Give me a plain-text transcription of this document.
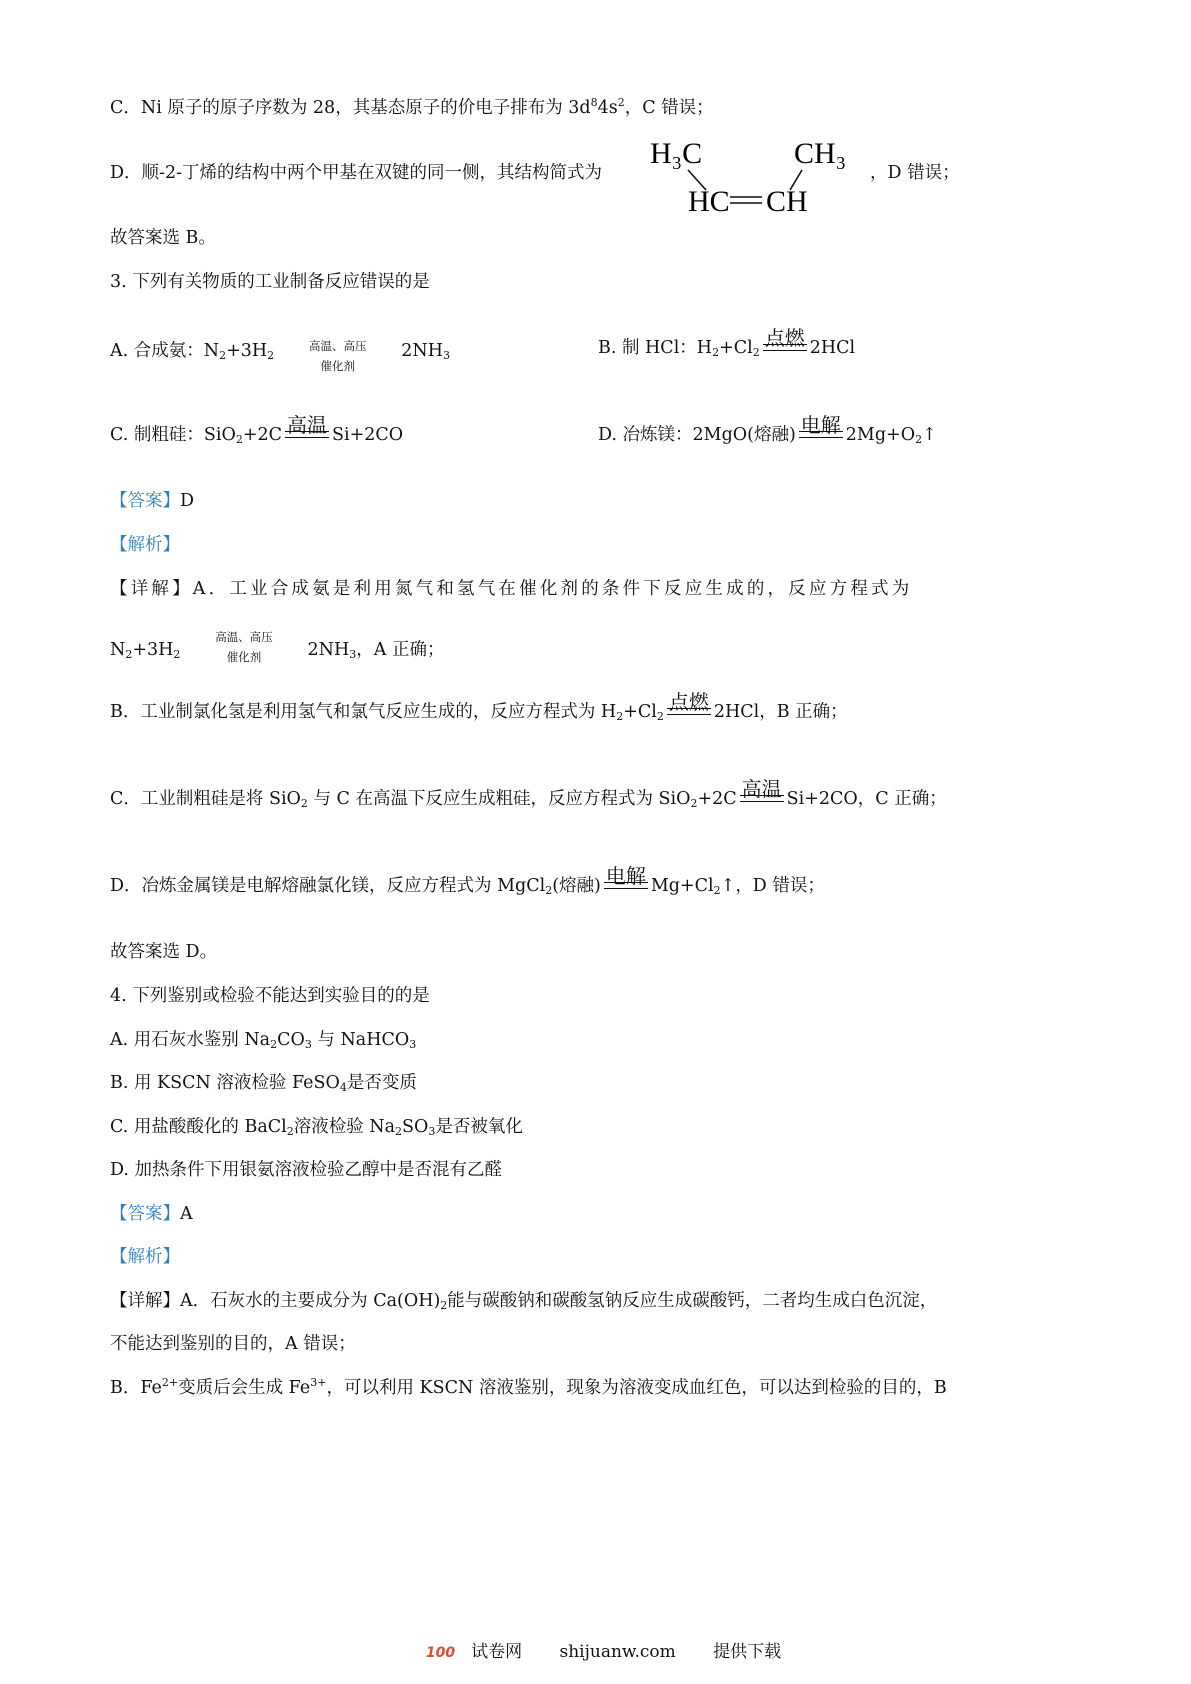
C．Ni 原子的原子序数为 28，其基态原子的价电子排布为 $3d^84s^2$，C 错误；
D．顺-2-丁烯的结构中两个甲基在双键的同一侧，其结构简式为
H₃C	CH₃
HC CH
，D 错误；
故答案选 B。
3. 下列有关物质的工业制备反应错误的是
A. 合成氨：$N_2+3H_2$
高温、高压
催化剂
$2NH_3$	B. 制 HCl：$H_2+Cl_2$
点燃 2HCl
C. 制粗硅：SiO$_2$+2C 高温 Si+2CO	D. 冶炼镁：2MgO(熔融) 电解 $2Mg+O_2↑$
【答案】D
【解析】
【详解】A．工业合成氨是利用氮气和氢气在催化剂的条件下反应生成的，反应方程式为
$N_2+3H_2$
高温、高压
催化剂	$2NH_3$，A 正确；
B．工业制氯化氢是利用氢气和氯气反应生成的，反应方程式为 $H_2+Cl_2$
点燃 2HCl，B 正确；
C．工业制粗硅是将 SiO$_2$ 与 C 在高温下反应生成粗硅，反应方程式为 SiO$_2$+2C 高温 Si+2CO，C 正确；
D．冶炼金属镁是电解熔融氯化镁，反应方程式为 MgCl$_2$(熔融) 电解 $Mg+Cl_2↑$，D 错误；
故答案选 D。
4. 下列鉴别或检验不能达到实验目的的是
A. 用石灰水鉴别 $Na_2CO_3$ 与 NaHCO$_3$
B. 用 KSCN 溶液检验 FeSO$_4$是否变质
C. 用盐酸酸化的 BaCl$_2$溶液检验 $Na_2SO_3$是否被氧化
D. 加热条件下用银氨溶液检验乙醇中是否混有乙醛
【答案】A
【解析】
【详解】A．石灰水的主要成分为 $Ca(OH)_2$能与碳酸钠和碳酸氢钠反应生成碳酸钙，二者均生成白色沉淀，
不能达到鉴别的目的，A 错误；
B．$Fe^{2+}$变质后会生成 $Fe^{3+}$，可以利用 KSCN 溶液鉴别，现象为溶液变成血红色，可以达到检验的目的，B
100 试卷网 shijuanw.com 提供下载
